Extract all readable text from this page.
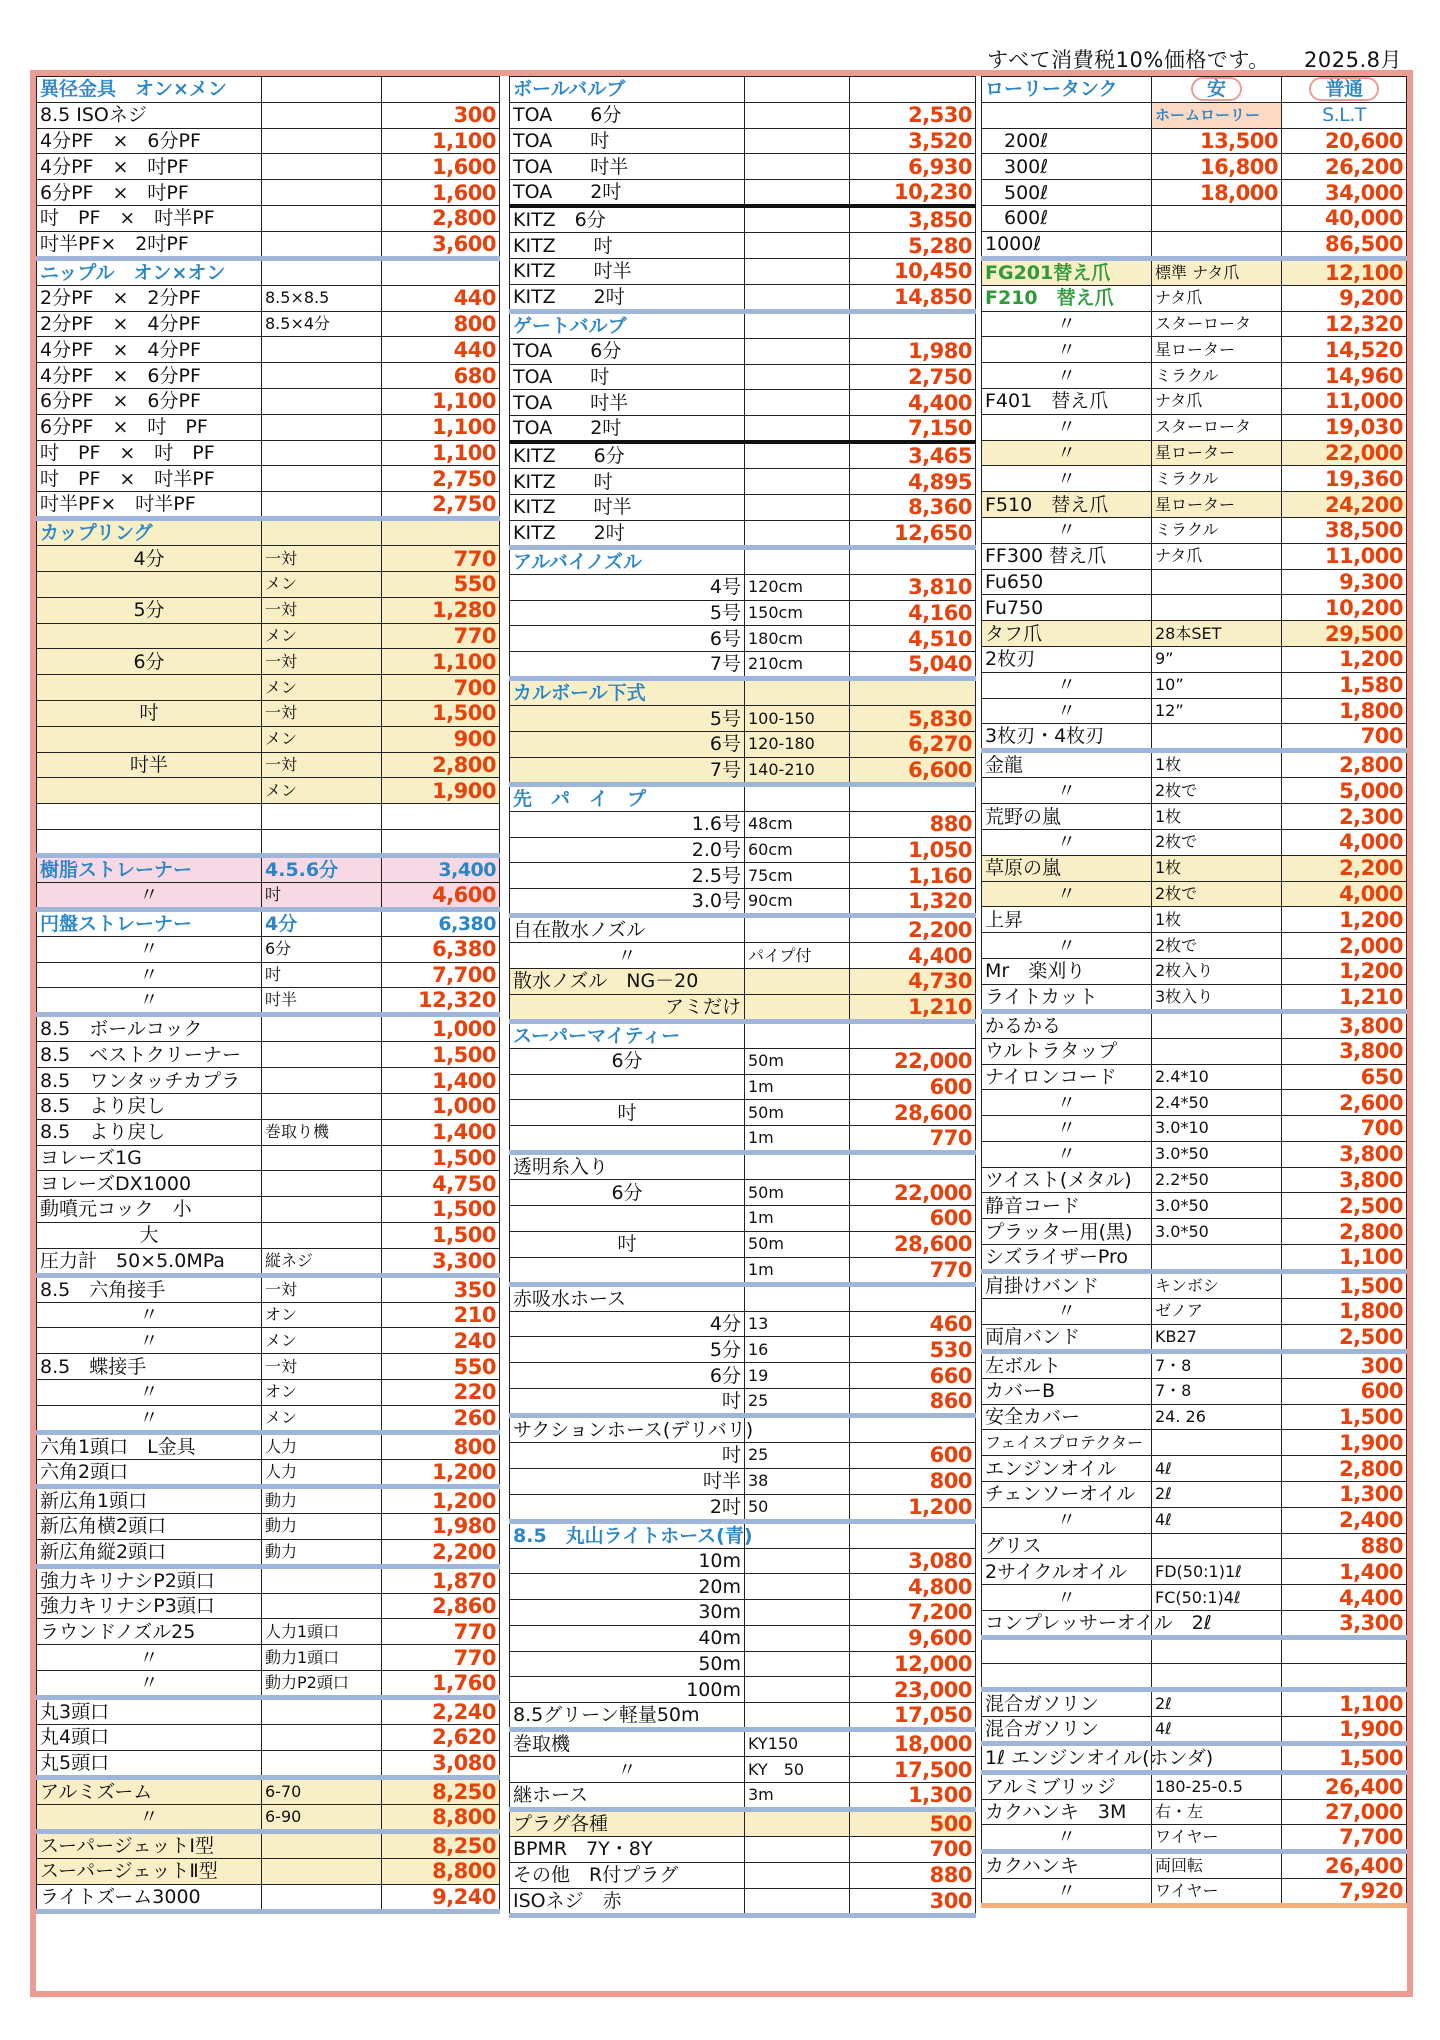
すべて消費税10%価格です。 2025.8月
異径金具　オン×メン		
8.5 ISOネジ		300
4分PF　×　6分PF		1,100
4分PF　×　吋PF		1,600
6分PF　×　吋PF		1,600
吋　PF　×　吋半PF		2,800
吋半PF×　2吋PF		3,600
ニップル　オン×オン		
2分PF　×　2分PF	8.5×8.5	440
2分PF　×　4分PF	8.5×4分	800
4分PF　×　4分PF		440
4分PF　×　6分PF		680
6分PF　×　6分PF		1,100
6分PF　×　吋　PF		1,100
吋　PF　×　吋　PF		1,100
吋　PF　×　吋半PF		2,750
吋半PF×　吋半PF		2,750
カップリング		
4分	一対	770
	メン	550
5分	一対	1,280
	メン	770
6分	一対	1,100
	メン	700
吋	一対	1,500
	メン	900
吋半	一対	2,800
	メン	1,900

樹脂ストレーナー	4.5.6分	3,400
〃	吋	4,600
円盤ストレーナー	4分	6,380
〃	6分	6,380
〃	吋	7,700
〃	吋半	12,320
8.5　ボールコック		1,000
8.5　ベストクリーナー		1,500
8.5　ワンタッチカプラ		1,400
8.5　より戻し		1,000
8.5　より戻し	巻取り機	1,400
ヨレーズ1G		1,500
ヨレーズDX1000		4,750
動噴元コック　小		1,500
大		1,500
圧力計　50×5.0MPa	縦ネジ	3,300
8.5　六角接手	一対	350
〃	オン	210
〃	メン	240
8.5　蝶接手	一対	550
〃	オン	220
〃	メン	260
六角1頭口　L金具	人力	800
六角2頭口	人力	1,200
新広角1頭口	動力	1,200
新広角横2頭口	動力	1,980
新広角縦2頭口	動力	2,200
強力キリナシP2頭口		1,870
強力キリナシP3頭口		2,860
ラウンドノズル25	人力1頭口	770
〃	動力1頭口	770
〃	動力P2頭口	1,760
丸3頭口		2,240
丸4頭口		2,620
丸5頭口		3,080
アルミズーム	6-70	8,250
〃	6-90	8,800
スーパージェットⅠ型		8,250
スーパージェットⅡ型		8,800
ライトズーム3000		9,240
ボールバルブ		
TOA　　6分		2,530
TOA　　吋		3,520
TOA　　吋半		6,930
TOA　　2吋		10,230
KITZ　6分		3,850
KITZ　　吋		5,280
KITZ　　吋半		10,450
KITZ　　2吋		14,850
ゲートバルブ		
TOA　　6分		1,980
TOA　　吋		2,750
TOA　　吋半		4,400
TOA　　2吋		7,150
KITZ　　6分		3,465
KITZ　　吋		4,895
KITZ　　吋半		8,360
KITZ　　2吋		12,650
アルバイノズル		
4号	120cm	3,810
5号	150cm	4,160
6号	180cm	4,510
7号	210cm	5,040
カルボール下式		
5号	100-150	5,830
6号	120-180	6,270
7号	140-210	6,600
先　パ　イ　プ		
1.6号	48cm	880
2.0号	60cm	1,050
2.5号	75cm	1,160
3.0号	90cm	1,320
自在散水ノズル		2,200
〃	パイプ付	4,400
散水ノズル　NG－20		4,730
アミだけ		1,210
スーパーマイティー		
6分	50m	22,000
	1m	600
吋	50m	28,600
	1m	770
透明糸入り		
6分	50m	22,000
	1m	600
吋	50m	28,600
	1m	770
赤吸水ホース		
4分	13	460
5分	16	530
6分	19	660
吋	25	860
サクションホース(デリバリ)		
吋	25	600
吋半	38	800
2吋	50	1,200
8.5　丸山ライトホース(青)		
10m		3,080
20m		4,800
30m		7,200
40m		9,600
50m		12,000
100m		23,000
8.5グリーン軽量50m		17,050
巻取機	KY150	18,000
〃	KY　50	17,500
継ホース	3m	1,300
プラグ各種		500
BPMR　7Y・8Y		700
その他　R付プラグ		880
ISOネジ　赤		300
ローリータンク	安	普通
	ホームローリー	S.L.T
　200ℓ	13,500	20,600
　300ℓ	16,800	26,200
　500ℓ	18,000	34,000
　600ℓ		40,000
1000ℓ		86,500
FG201替え爪	標準 ナタ爪	12,100
F210　替え爪	ナタ爪	9,200
〃	スターロータ	12,320
〃	星ローター	14,520
〃	ミラクル	14,960
F401　替え爪	ナタ爪	11,000
〃	スターロータ	19,030
〃	星ローター	22,000
〃	ミラクル	19,360
F510　替え爪	星ローター	24,200
〃	ミラクル	38,500
FF300 替え爪	ナタ爪	11,000
Fu650		9,300
Fu750		10,200
タフ爪	28本SET	29,500
2枚刃	9”	1,200
〃	10”	1,580
〃	12”	1,800
3枚刃・4枚刃		700
金龍	1枚	2,800
〃	2枚で	5,000
荒野の嵐	1枚	2,300
〃	2枚で	4,000
草原の嵐	1枚	2,200
〃	2枚で	4,000
上昇	1枚	1,200
〃	2枚で	2,000
Mr　楽刈り	2枚入り	1,200
ライトカット	3枚入り	1,210
かるかる		3,800
ウルトラタップ		3,800
ナイロンコード	2.4*10	650
〃	2.4*50	2,600
〃	3.0*10	700
〃	3.0*50	3,800
ツイスト(メタル)	2.2*50	3,800
静音コード	3.0*50	2,500
プラッター用(黒)	3.0*50	2,800
シズライザーPro		1,100
肩掛けバンド	キンボシ	1,500
〃	ゼノア	1,800
両肩バンド	KB27	2,500
左ボルト	7・8	300
カバーB	7・8	600
安全カバー	24. 26	1,500
フェイスプロテクター		1,900
エンジンオイル	4ℓ	2,800
チェンソーオイル	2ℓ	1,300
〃	4ℓ	2,400
グリス		880
2サイクルオイル	FD(50:1)1ℓ	1,400
〃	FC(50:1)4ℓ	4,400
コンプレッサーオイル　2ℓ		3,300

混合ガソリン	2ℓ	1,100
混合ガソリン	4ℓ	1,900
1ℓ エンジンオイル(ホンダ)		1,500
アルミブリッジ	180-25-0.5	26,400
カクハンキ　3M	右・左	27,000
〃	ワイヤー	7,700
カクハンキ	両回転	26,400
〃	ワイヤー	7,920
